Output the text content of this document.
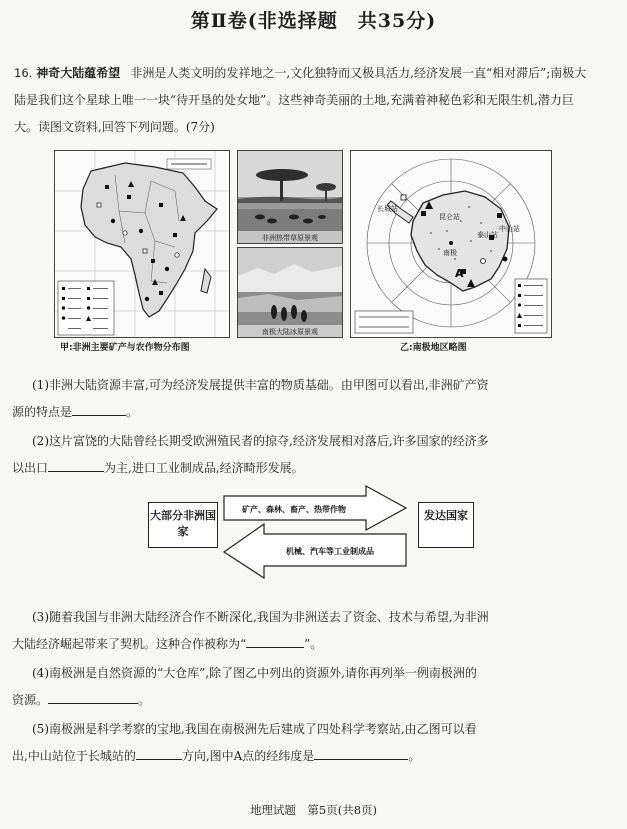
第Ⅱ卷(非选择题　共35分)
16. 神奇大陆蕴希望 非洲是人类文明的发祥地之一,文化独特而又极具活力,经济发展一直“相对滞后”;南极大陆是我们这个星球上唯一一块“待开垦的处女地”。这些神奇美丽的土地,充满着神秘色彩和无限生机,潜力巨大。读图文资料,回答下列问题。(7分)
甲:非洲主要矿产与农作物分布图
非洲热带草原景观
南极大陆冰原景观
南极
昆仑站
泰山站
中山站
长城站
A
乙:南极地区略图
(1)非洲大陆资源丰富,可为经济发展提供丰富的物质基础。由甲图可以看出,非洲矿产资
源的特点是	。
(2)这片富饶的大陆曾经长期受欧洲殖民者的掠夺,经济发展相对落后,许多国家的经济多
以出口	为主,进口工业制成品,经济畸形发展。
大部分非洲国家
发达国家
矿产、森林、畜产、热带作物
机械、汽车等工业制成品
(3)随着我国与非洲大陆经济合作不断深化,我国为非洲送去了资金、技术与希望,为非洲
大陆经济崛起带来了契机。这种合作被称为“	”。
(4)南极洲是自然资源的“大仓库”,除了图乙中列出的资源外,请你再列举一例南极洲的
资源。	。
(5)南极洲是科学考察的宝地,我国在南极洲先后建成了四处科学考察站,由乙图可以看
出,中山站位于长城站的	方向,图中A点的经纬度是	。
地理试题　第5页(共8页)
